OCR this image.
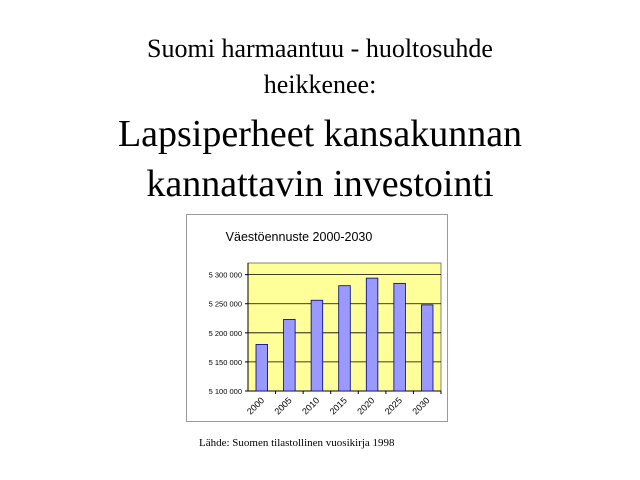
Suomi harmaantuu - huoltosuhde
heikkenee:
Lapsiperheet kansakunnan
kannattavin investointi
Väestöennuste 2000-2030
5 100 000
5 150 000
5 200 000
5 250 000
5 300 000
2000 2005 2010 2015 2020 2025 2030
Lähde: Suomen tilastollinen vuosikirja 1998
